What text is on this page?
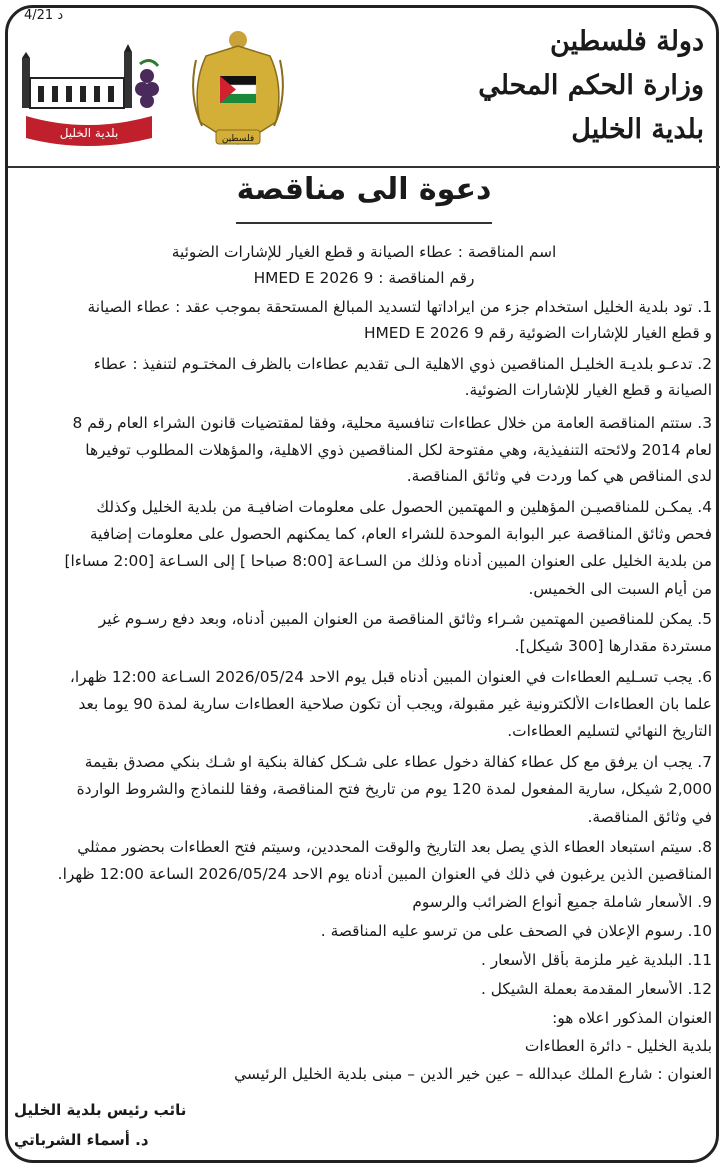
4/21 د
دولة فلسطين
وزارة الحكم المحلي
بلدية الخليل
فلسطين
بلدية الخليل
دعوة الى مناقصة
اسم المناقصة : عطاء الصيانة و قطع الغيار للإشارات الضوئية
رقم المناقصة : 9 HMED E 2026
1. تود بلدية الخليل استخدام جزء من ايراداتها لتسديد المبالغ المستحقة بموجب عقد : عطاء الصيانة
و قطع الغيار للإشارات الضوئية رقم 9 HMED E 2026
2. تدعـو بلديـة الخليـل المناقصين ذوي الاهلية الـى تقديم عطاءات بالظرف المختـوم لتنفيذ : عطاء
الصيانة و قطع الغيار للإشارات الضوئية.
3. ستتم المناقصة العامة من خلال عطاءات تنافسية محلية، وفقا لمقتضيات قانون الشراء العام رقم 8
لعام 2014 ولائحته التنفيذية، وهي مفتوحة لكل المناقصين ذوي الاهلية، والمؤهلات المطلوب توفيرها
لدى المناقص هي كما وردت في وثائق المناقصة.
4. يمكـن للمناقصيـن المؤهلين و المهتمين الحصول على معلومات اضافيـة من بلدية الخليل وكذلك
فحص وثائق المناقصة عبر البوابة الموحدة للشراء العام، كما يمكنهم الحصول على معلومات إضافية
من بلدية الخليل على العنوان المبين أدناه وذلك من السـاعة [8:00 صباحا ] إلى السـاعة [2:00 مساءا]
من أيام السبت الى الخميس.
5. يمكن للمناقصين المهتمين شـراء وثائق المناقصة من العنوان المبين أدناه، وبعد دفع رسـوم غير
مستردة مقدارها [300 شيكل].
6. يجب تسـليم العطاءات في العنوان المبين أدناه قبل يوم الاحد 2026/05/24 السـاعة 12:00 ظهرا،
علما بان العطاءات الألكترونية غير مقبولة، ويجب أن تكون صلاحية العطاءات سارية لمدة 90 يوما بعد
التاريخ النهائي لتسليم العطاءات.
7. يجب ان يرفق مع كل عطاء كفالة دخول عطاء على شـكل كفالة بنكية او شـك بنكي مصدق بقيمة
2,000 شيكل، سارية المفعول لمدة 120 يوم من تاريخ فتح المناقصة، وفقا للنماذج والشروط الواردة
في وثائق المناقصة.
8. سيتم استبعاد العطاء الذي يصل بعد التاريخ والوقت المحددين، وسيتم فتح العطاءات بحضور ممثلي
المناقصين الذين يرغبون في ذلك في العنوان المبين أدناه يوم الاحد 2026/05/24 الساعة 12:00 ظهرا.
9. الأسعار شاملة جميع أنواع الضرائب والرسوم
10. رسوم الإعلان في الصحف على من ترسو عليه المناقصة .
11. البلدية غير ملزمة بأقل الأسعار .
12. الأسعار المقدمة بعملة الشيكل .
العنوان المذكور اعلاه هو:
بلدية الخليل - دائرة العطاءات
العنوان : شارع الملك عبدالله – عين خير الدين – مبنى بلدية الخليل الرئيسي
نائب رئيس بلدية الخليل
د. أسماء الشرباتي
